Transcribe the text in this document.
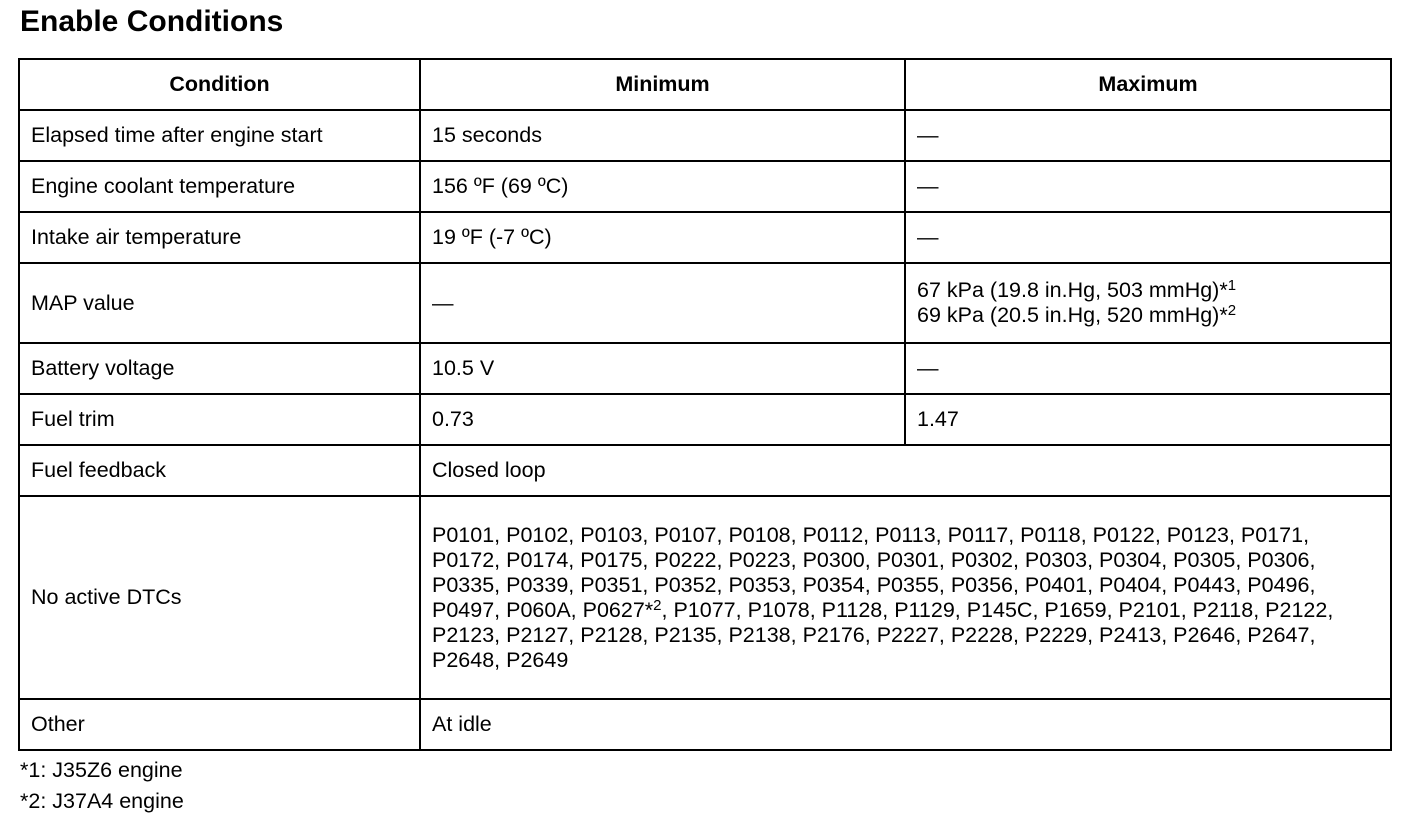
Enable Conditions
Condition	Minimum	Maximum
Elapsed time after engine start	15 seconds	—
Engine coolant temperature	156 ºF (69 ºC)	—
Intake air temperature	19 ºF (-7 ºC)	—
MAP value	—	67 kPa (19.8 in.Hg, 503 mmHg)*$^1$
69 kPa (20.5 in.Hg, 520 mmHg)*$^2$

Battery voltage	10.5 V	—
Fuel trim	0.73	1.47
Fuel feedback	Closed loop	
No active DTCs	P0101, P0102, P0103, P0107, P0108, P0112, P0113, P0117, P0118, P0122, P0123, P0171, P0172, P0174, P0175, P0222, P0223, P0300, P0301, P0302, P0303, P0304, P0305, P0306, P0335, P0339, P0351, P0352, P0353, P0354, P0355, P0356, P0401, P0404, P0443, P0496, P0497, P060A, P0627*$^2$, P1077, P1078, P1128, P1129, P145C, P1659, P2101, P2118, P2122, P2123, P2127, P2128, P2135, P2138, P2176, P2227, P2228, P2229, P2413, P2646, P2647, P2648, P2649	
Other	At idle	
*1: J35Z6 engine
*2: J37A4 engine
